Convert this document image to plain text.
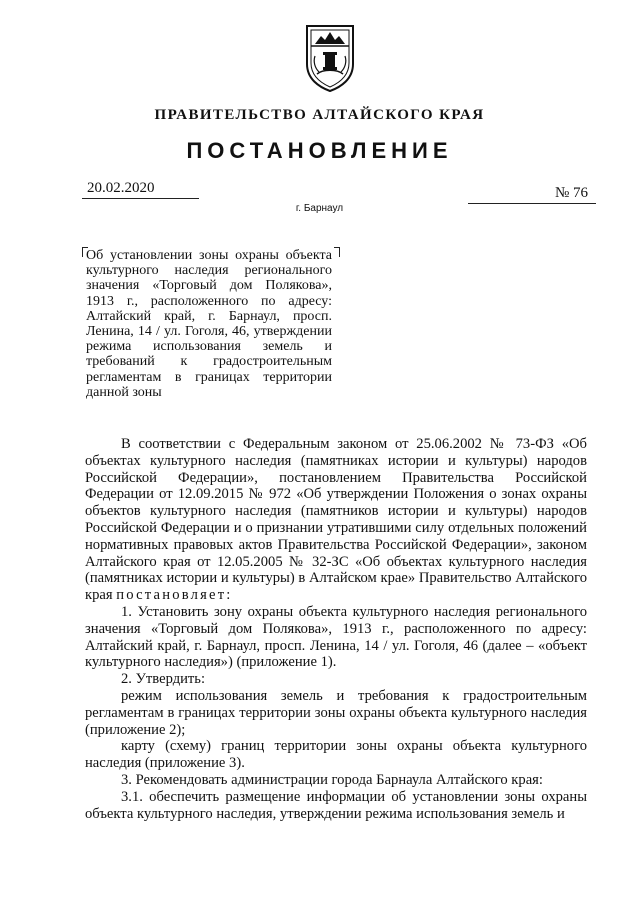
ПРАВИТЕЛЬСТВО АЛТАЙСКОГО КРАЯ
ПОСТАНОВЛЕНИЕ
20.02.2020
г. Барнаул
№ 76
Об установлении зоны охраны объекта культурного наследия регионального значения «Торговый дом Полякова», 1913 г., расположенного по адресу: Алтайский край, г. Барнаул, просп. Ленина, 14 / ул. Гоголя, 46, утверждении режима использования земель и требований к градостроительным регламентам в границах территории данной зоны

В соответствии с Федеральным законом от 25.06.2002 № 73-ФЗ «Об объектах культурного наследия (памятниках истории и культуры) народов Российской Федерации», постановлением Правительства Российской Федерации от 12.09.2015 № 972 «Об утверждении Положения о зонах охраны объектов культурного наследия (памятников истории и культуры) народов Российской Федерации и о признании утратившими силу отдельных положений нормативных правовых актов Правительства Российской Федерации», законом Алтайского края от 12.05.2005 № 32-ЗС «Об объектах культурного наследия (памятниках истории и культуры) в Алтайском крае» Правительство Алтайского края постановляет:

1. Установить зону охраны объекта культурного наследия регионального значения «Торговый дом Полякова», 1913 г., расположенного по адресу: Алтайский край, г. Барнаул, просп. Ленина, 14 / ул. Гоголя, 46 (далее – «объект культурного наследия») (приложение 1).

2. Утвердить:

режим использования земель и требования к градостроительным регламентам в границах территории зоны охраны объекта культурного наследия (приложение 2);

карту (схему) границ территории зоны охраны объекта культурного наследия (приложение 3).

3. Рекомендовать администрации города Барнаула Алтайского края:

3.1. обеспечить размещение информации об установлении зоны охраны объекта культурного наследия, утверждении режима использования земель и
